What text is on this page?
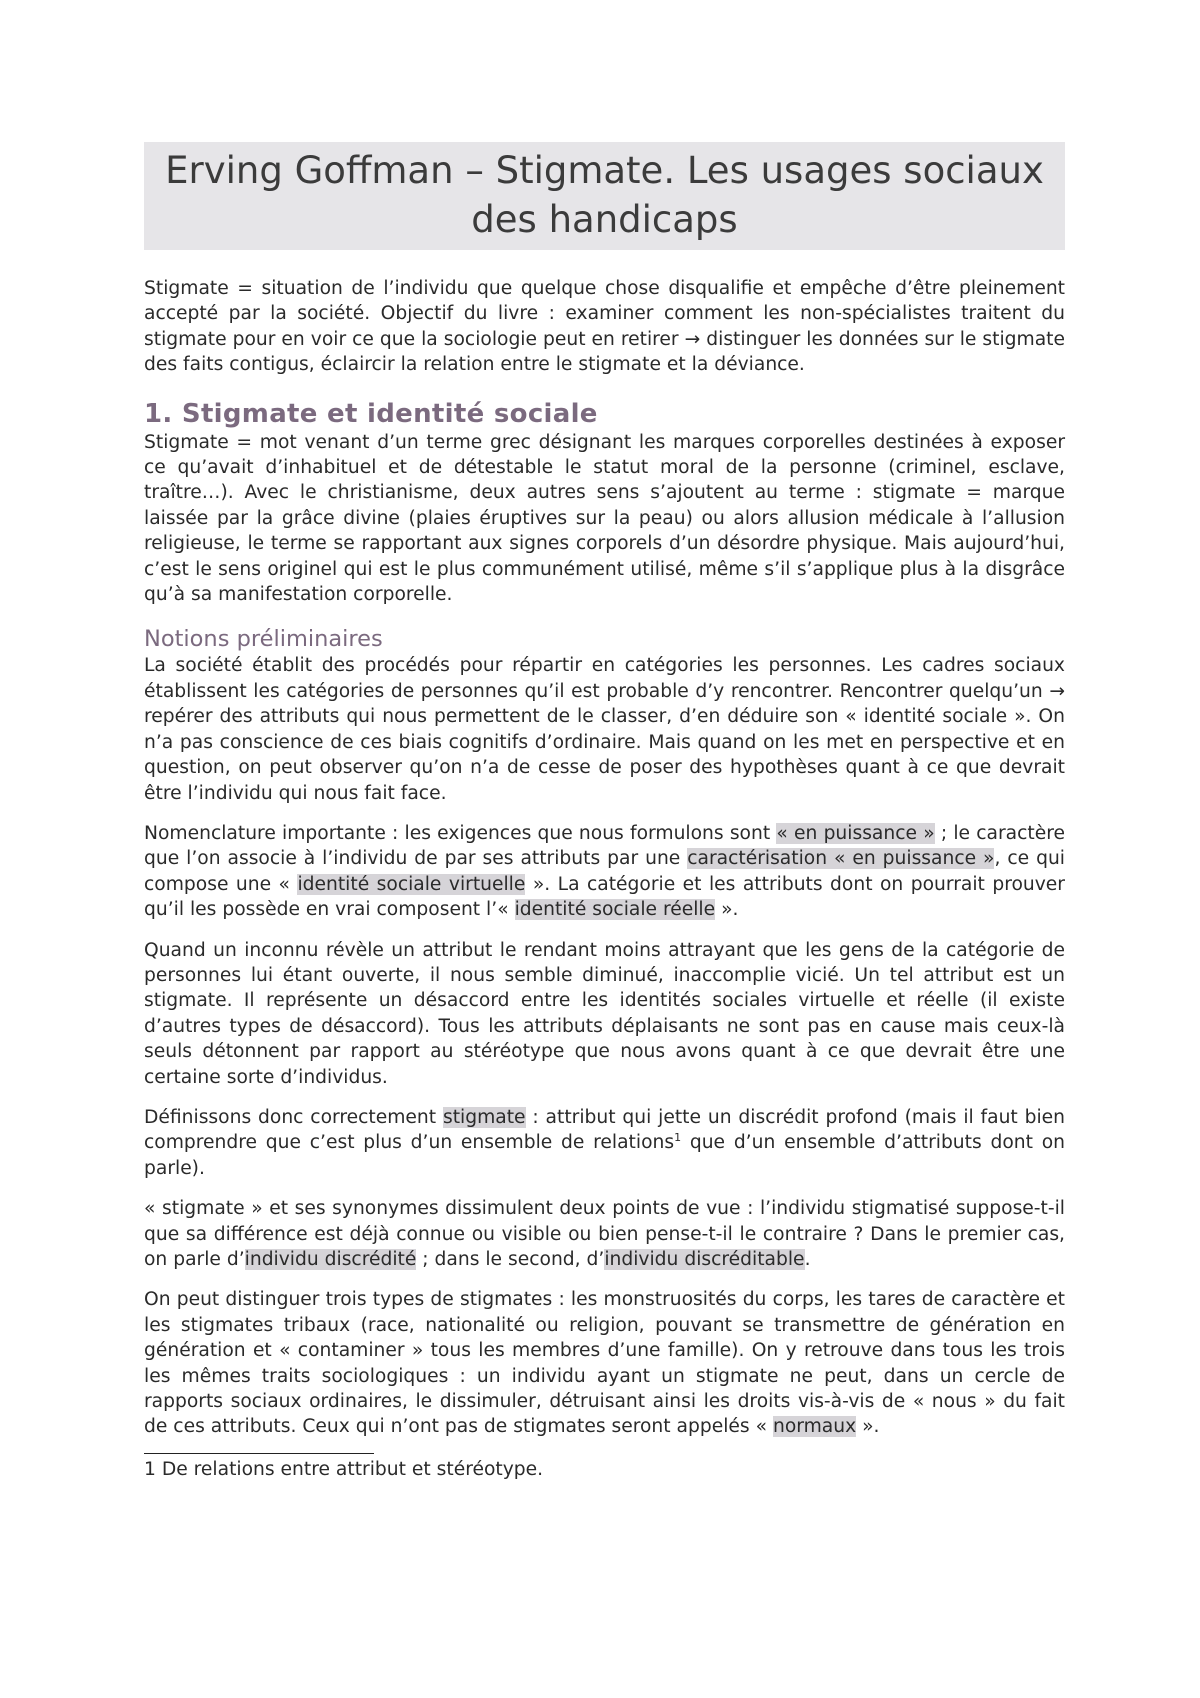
Erving Goffman – Stigmate. Les usages sociaux des handicaps

Stigmate = situation de l’individu que quelque chose disqualifie et empêche d’être pleinement accepté par la société. Objectif du livre : examiner comment les non-spécialistes traitent du stigmate pour en voir ce que la sociologie peut en retirer → distinguer les données sur le stigmate des faits contigus, éclaircir la relation entre le stigmate et la déviance.

1. Stigmate et identité sociale

Stigmate = mot venant d’un terme grec désignant les marques corporelles destinées à exposer ce qu’avait d’inhabituel et de détestable le statut moral de la personne (criminel, esclave, traître…). Avec le christianisme, deux autres sens s’ajoutent au terme : stigmate = marque laissée par la grâce divine (plaies éruptives sur la peau) ou alors allusion médicale à l’allusion religieuse, le terme se rapportant aux signes corporels d’un désordre physique. Mais aujourd’hui, c’est le sens originel qui est le plus communément utilisé, même s’il s’applique plus à la disgrâce qu’à sa manifestation corporelle.

Notions préliminaires

La société établit des procédés pour répartir en catégories les personnes. Les cadres sociaux établissent les catégories de personnes qu’il est probable d’y rencontrer. Rencontrer quelqu’un → repérer des attributs qui nous permettent de le classer, d’en déduire son « identité sociale ». On n’a pas conscience de ces biais cognitifs d’ordinaire. Mais quand on les met en perspective et en question, on peut observer qu’on n’a de cesse de poser des hypothèses quant à ce que devrait être l’individu qui nous fait face.

Nomenclature importante : les exigences que nous formulons sont « en puissance » ; le caractère que l’on associe à l’individu de par ses attributs par une caractérisation « en puissance », ce qui compose une « identité sociale virtuelle ». La catégorie et les attributs dont on pourrait prouver qu’il les possède en vrai composent l’« identité sociale réelle ».

Quand un inconnu révèle un attribut le rendant moins attrayant que les gens de la catégorie de personnes lui étant ouverte, il nous semble diminué, inaccomplie vicié. Un tel attribut est un stigmate. Il représente un désaccord entre les identités sociales virtuelle et réelle (il existe d’autres types de désaccord). Tous les attributs déplaisants ne sont pas en cause mais ceux-là seuls détonnent par rapport au stéréotype que nous avons quant à ce que devrait être une certaine sorte d’individus.

Définissons donc correctement stigmate : attribut qui jette un discrédit profond (mais il faut bien comprendre que c’est plus d’un ensemble de relations$^1$ que d’un ensemble d’attributs dont on parle).

« stigmate » et ses synonymes dissimulent deux points de vue : l’individu stigmatisé suppose-t-il que sa différence est déjà connue ou visible ou bien pense-t-il le contraire ? Dans le premier cas, on parle d’individu discrédité ; dans le second, d’individu discréditable.

On peut distinguer trois types de stigmates : les monstruosités du corps, les tares de caractère et les stigmates tribaux (race, nationalité ou religion, pouvant se transmettre de génération en génération et « contaminer » tous les membres d’une famille). On y retrouve dans tous les trois les mêmes traits sociologiques : un individu ayant un stigmate ne peut, dans un cercle de rapports sociaux ordinaires, le dissimuler, détruisant ainsi les droits vis-à-vis de « nous » du fait de ces attributs. Ceux qui n’ont pas de stigmates seront appelés « normaux ».

1 De relations entre attribut et stéréotype.
